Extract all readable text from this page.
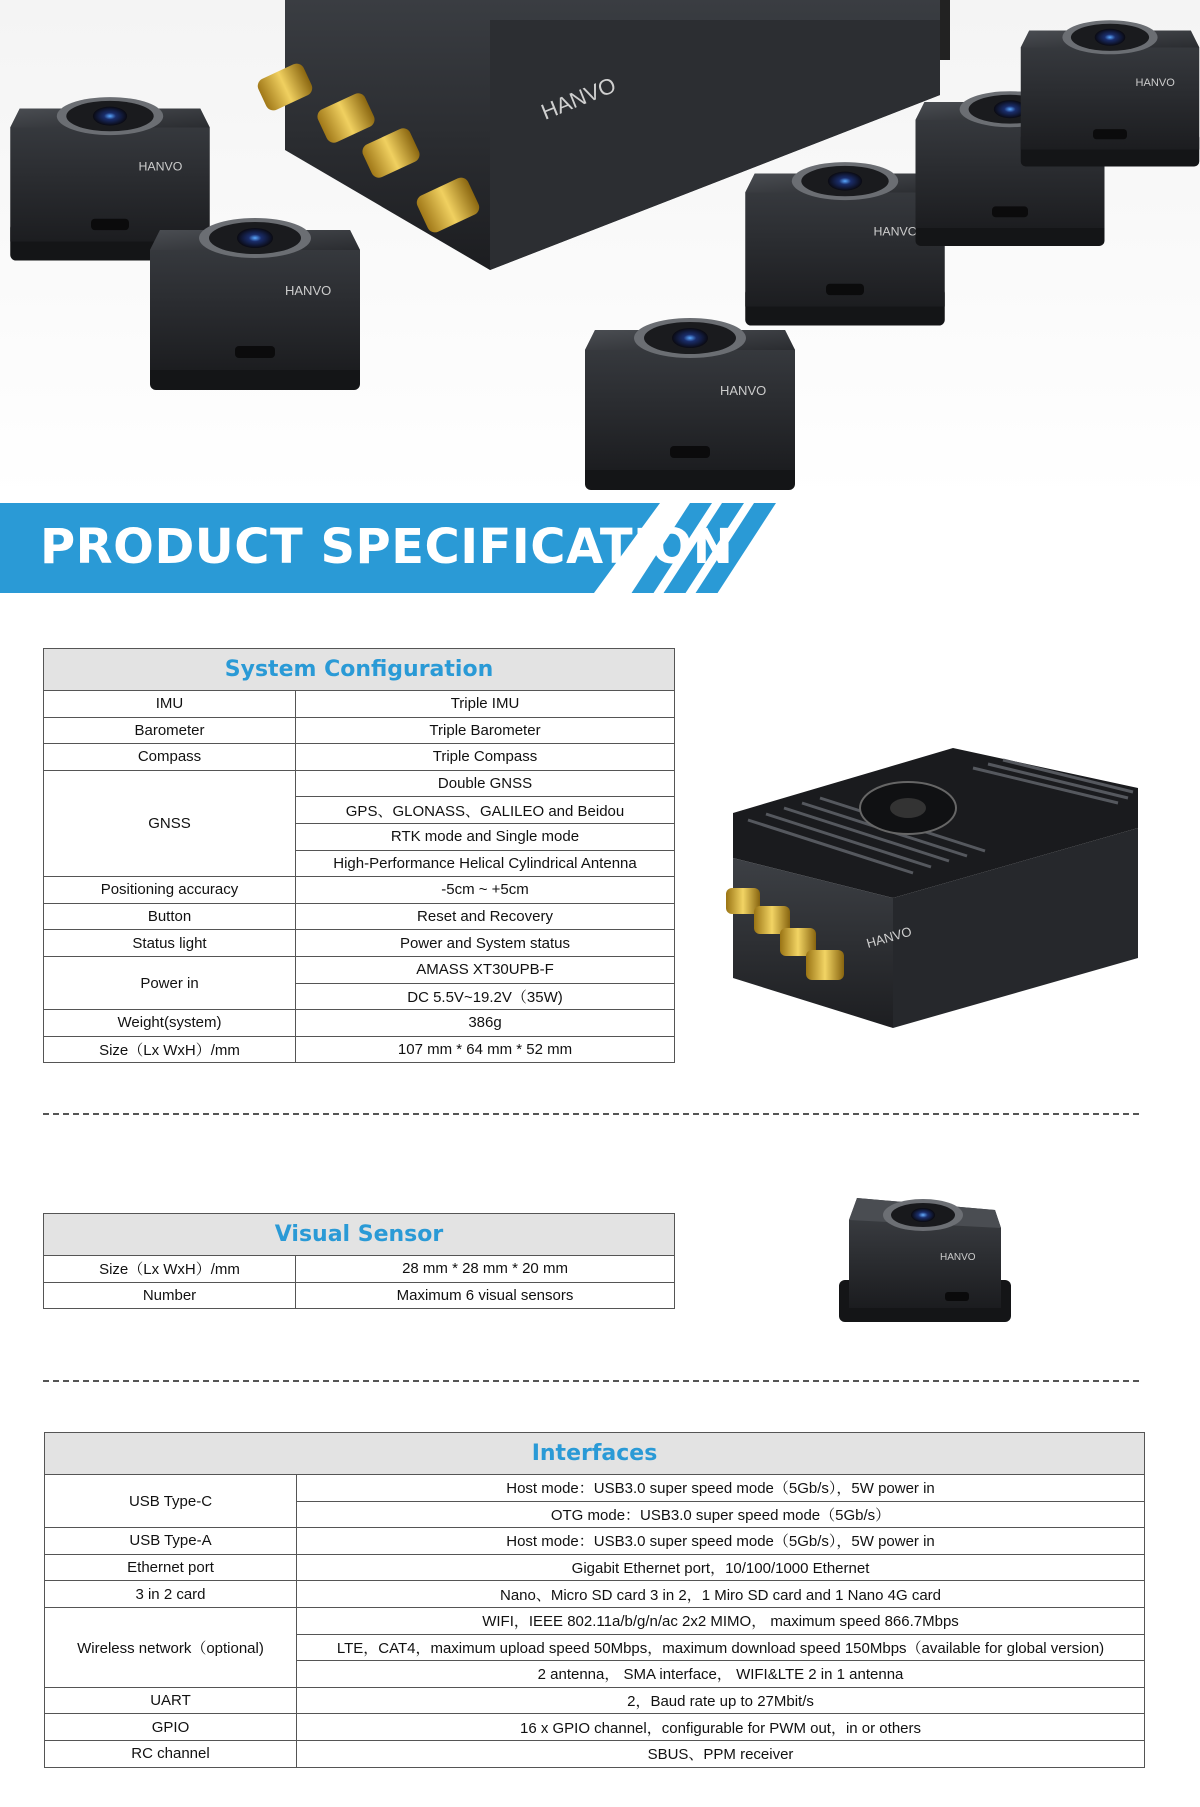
HANVO
PRODUCT SPECIFICATION
System Configuration	
IMU	Triple IMU
Barometer	Triple Barometer
Compass	Triple Compass
GNSS	Double GNSS
	GPS、GLONASS、GALILEO and Beidou
	RTK mode and Single mode
	High-Performance Helical Cylindrical Antenna
Positioning accuracy	-5cm ~ +5cm
Button	Reset and Recovery
Status light	Power and System status
Power in	AMASS XT30UPB-F
	DC 5.5V~19.2V（35W)
Weight(system)	386g
Size（Lx WxH）/mm	107 mm * 64 mm * 52 mm
HANVO
Visual Sensor	
Size（Lx WxH）/mm	28 mm * 28 mm * 20 mm
Number	Maximum 6 visual sensors
HANVO
Interfaces	
USB Type-C	Host mode：USB3.0 super speed mode（5Gb/s），5W power in
	OTG mode：USB3.0 super speed mode（5Gb/s）
USB Type-A	Host mode：USB3.0 super speed mode（5Gb/s），5W power in
Ethernet port	Gigabit Ethernet port，10/100/1000 Ethernet
3 in 2 card	Nano、Micro SD card 3 in 2，1 Miro SD card and 1 Nano 4G card
Wireless network（optional)	WIFI，IEEE 802.11a/b/g/n/ac 2x2 MIMO， maximum speed 866.7Mbps
	LTE，CAT4，maximum upload speed 50Mbps，maximum download speed 150Mbps（available for global version)
	2 antenna， SMA interface， WIFI&LTE 2 in 1 antenna
UART	2，Baud rate up to 27Mbit/s
GPIO	16 x GPIO channel，configurable for PWM out，in or others
RC channel	SBUS、PPM receiver
